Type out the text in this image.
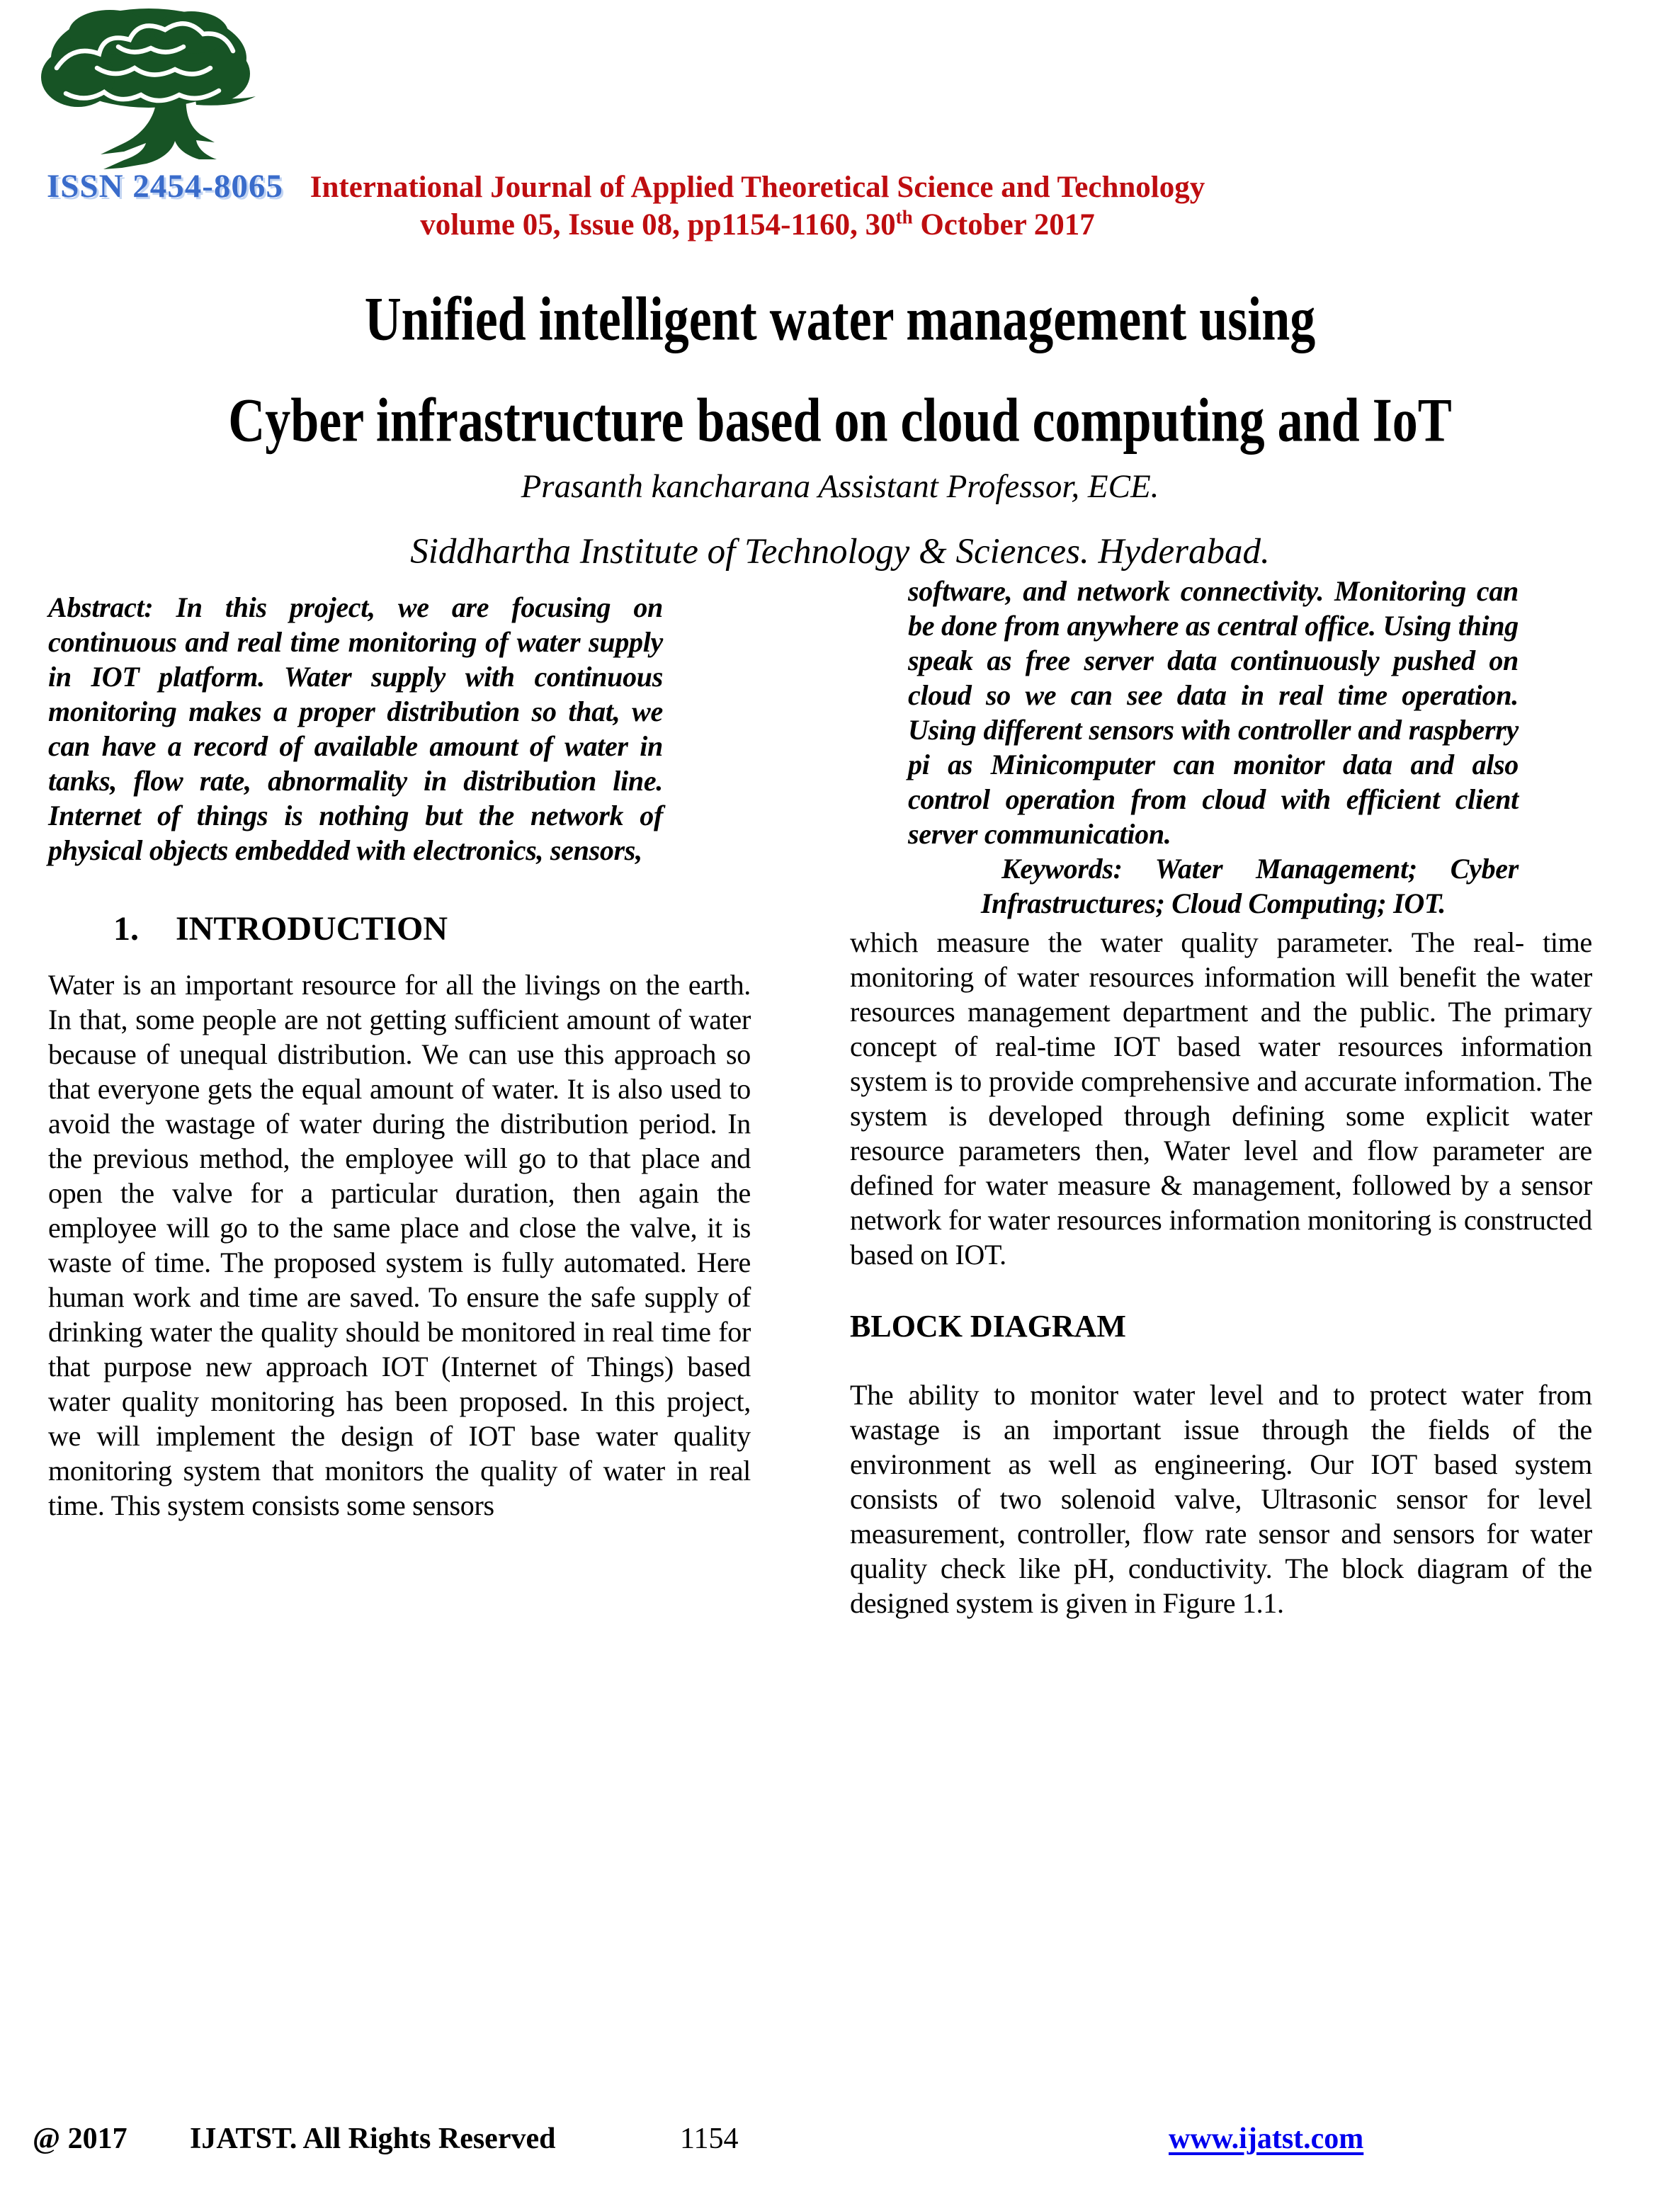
ISSN 2454-8065 International Journal of Applied Theoretical Science and Technology
volume 05, Issue 08, pp1154-1160, 30th October 2017
Unified intelligent water management using
Cyber infrastructure based on cloud computing and IoT
Prasanth kancharana Assistant Professor, ECE.
Siddhartha Institute of Technology & Sciences. Hyderabad.
Abstract: In this project, we are focusing on continuous and real time monitoring of water supply in IOT platform. Water supply with continuous monitoring makes a proper distribution so that, we can have a record of available amount of water in tanks, flow rate, abnormality in distribution line. Internet of things is nothing but the network of physical objects embedded with electronics, sensors,
1. INTRODUCTION
Water is an important resource for all the livings on the earth. In that, some people are not getting sufficient amount of water because of unequal distribution. We can use this approach so that everyone gets the equal amount of water. It is also used to avoid the wastage of water during the distribution period. In the previous method, the employee will go to that place and open the valve for a particular duration, then again the employee will go to the same place and close the valve, it is waste of time. The proposed system is fully automated. Here human work and time are saved. To ensure the safe supply of drinking water the quality should be monitored in real time for that purpose new approach IOT (Internet of Things) based water quality monitoring has been proposed. In this project, we will implement the design of IOT base water quality monitoring system that monitors the quality of water in real time. This system consists some sensors
software, and network connectivity. Monitoring can be done from anywhere as central office. Using thing speak as free server data continuously pushed on cloud so we can see data in real time operation. Using different sensors with controller and raspberry pi as Minicomputer can monitor data and also control operation from cloud with efficient client server communication.
Keywords: Water Management; Cyber Infrastructures; Cloud Computing; IOT.
which measure the water quality parameter. The real- time monitoring of water resources information will benefit the water resources management department and the public. The primary concept of real-time IOT based water resources information system is to provide comprehensive and accurate information. The system is developed through defining some explicit water resource parameters then, Water level and flow parameter are defined for water measure & management, followed by a sensor network for water resources information monitoring is constructed based on IOT.
BLOCK DIAGRAM
The ability to monitor water level and to protect water from wastage is an important issue through the fields of the environment as well as engineering. Our IOT based system consists of two solenoid valve, Ultrasonic sensor for level measurement, controller, flow rate sensor and sensors for water quality check like pH, conductivity. The block diagram of the designed system is given in Figure 1.1.
@ 2017 IJATST. All Rights Reserved	1154	www.ijatst.com
